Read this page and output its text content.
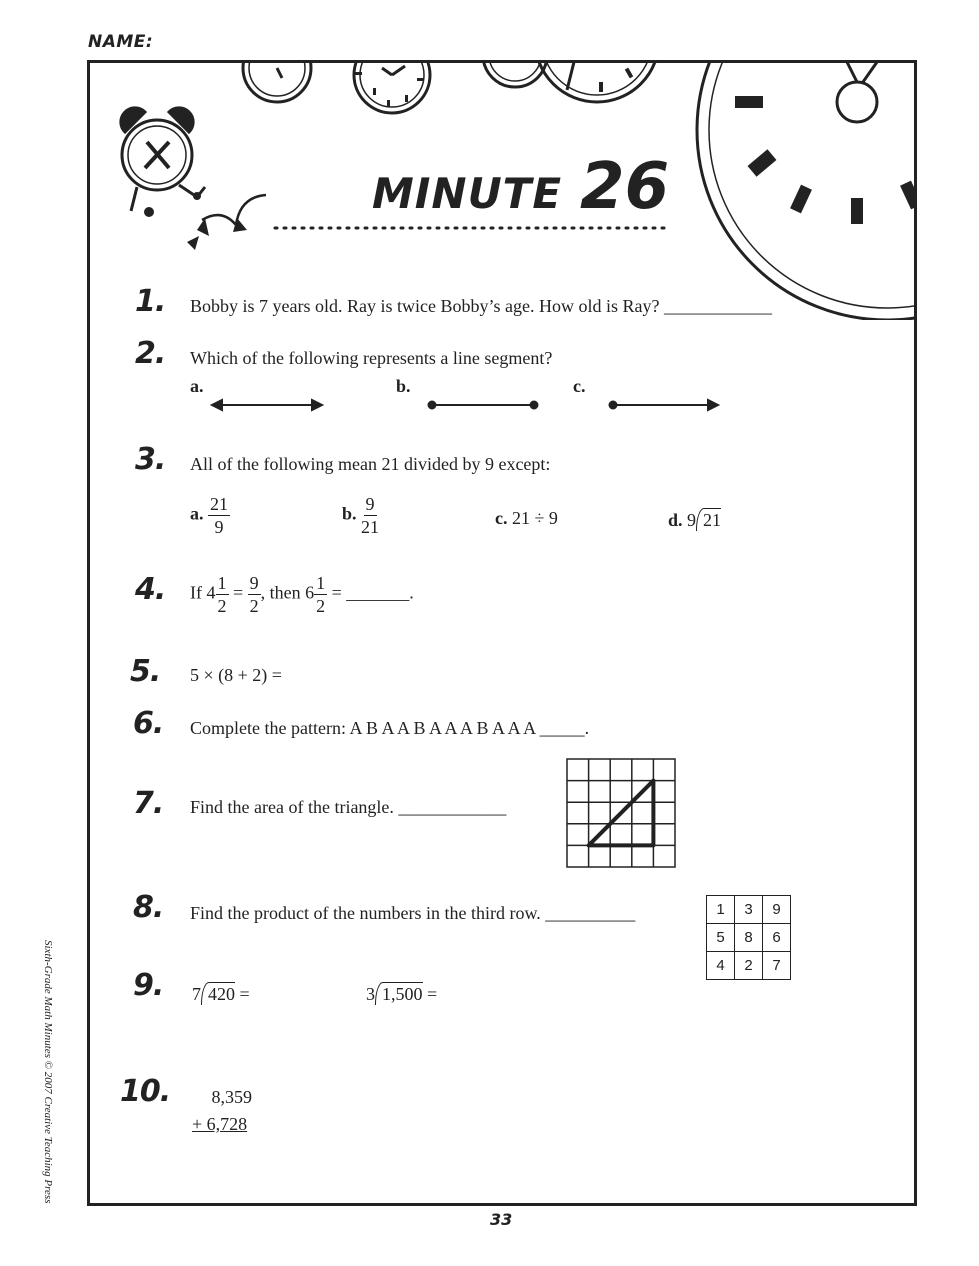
NAME:
MINUTE 26
1. Bobby is 7 years old. Ray is twice Bobby’s age. How old is Ray? ____________
2. Which of the following represents a line segment?
a.	b.	c.
3. All of the following mean 21 divided by 9 except:
a. $\frac{21}{9}$	b. $\frac{9}{21}$	c. 21 ÷ 9	d. 9 21
4. If $4 \frac{1}{2} = \frac{9}{2}$ , then $6 \frac{1}{2}$ = _______.
5. 5 × (8 + 2) =
6. Complete the pattern: A B A A B A A A B A A A _____.
7. Find the area of the triangle. ____________
8. Find the product of the numbers in the third row. __________	1	3	9
5	8	6
4	2	7
9. 7 420 =	3 1,500 =
10.	8,359
+ 6,728
Sixth-Grade Math Minutes © 2007 Creative Teaching Press
33
